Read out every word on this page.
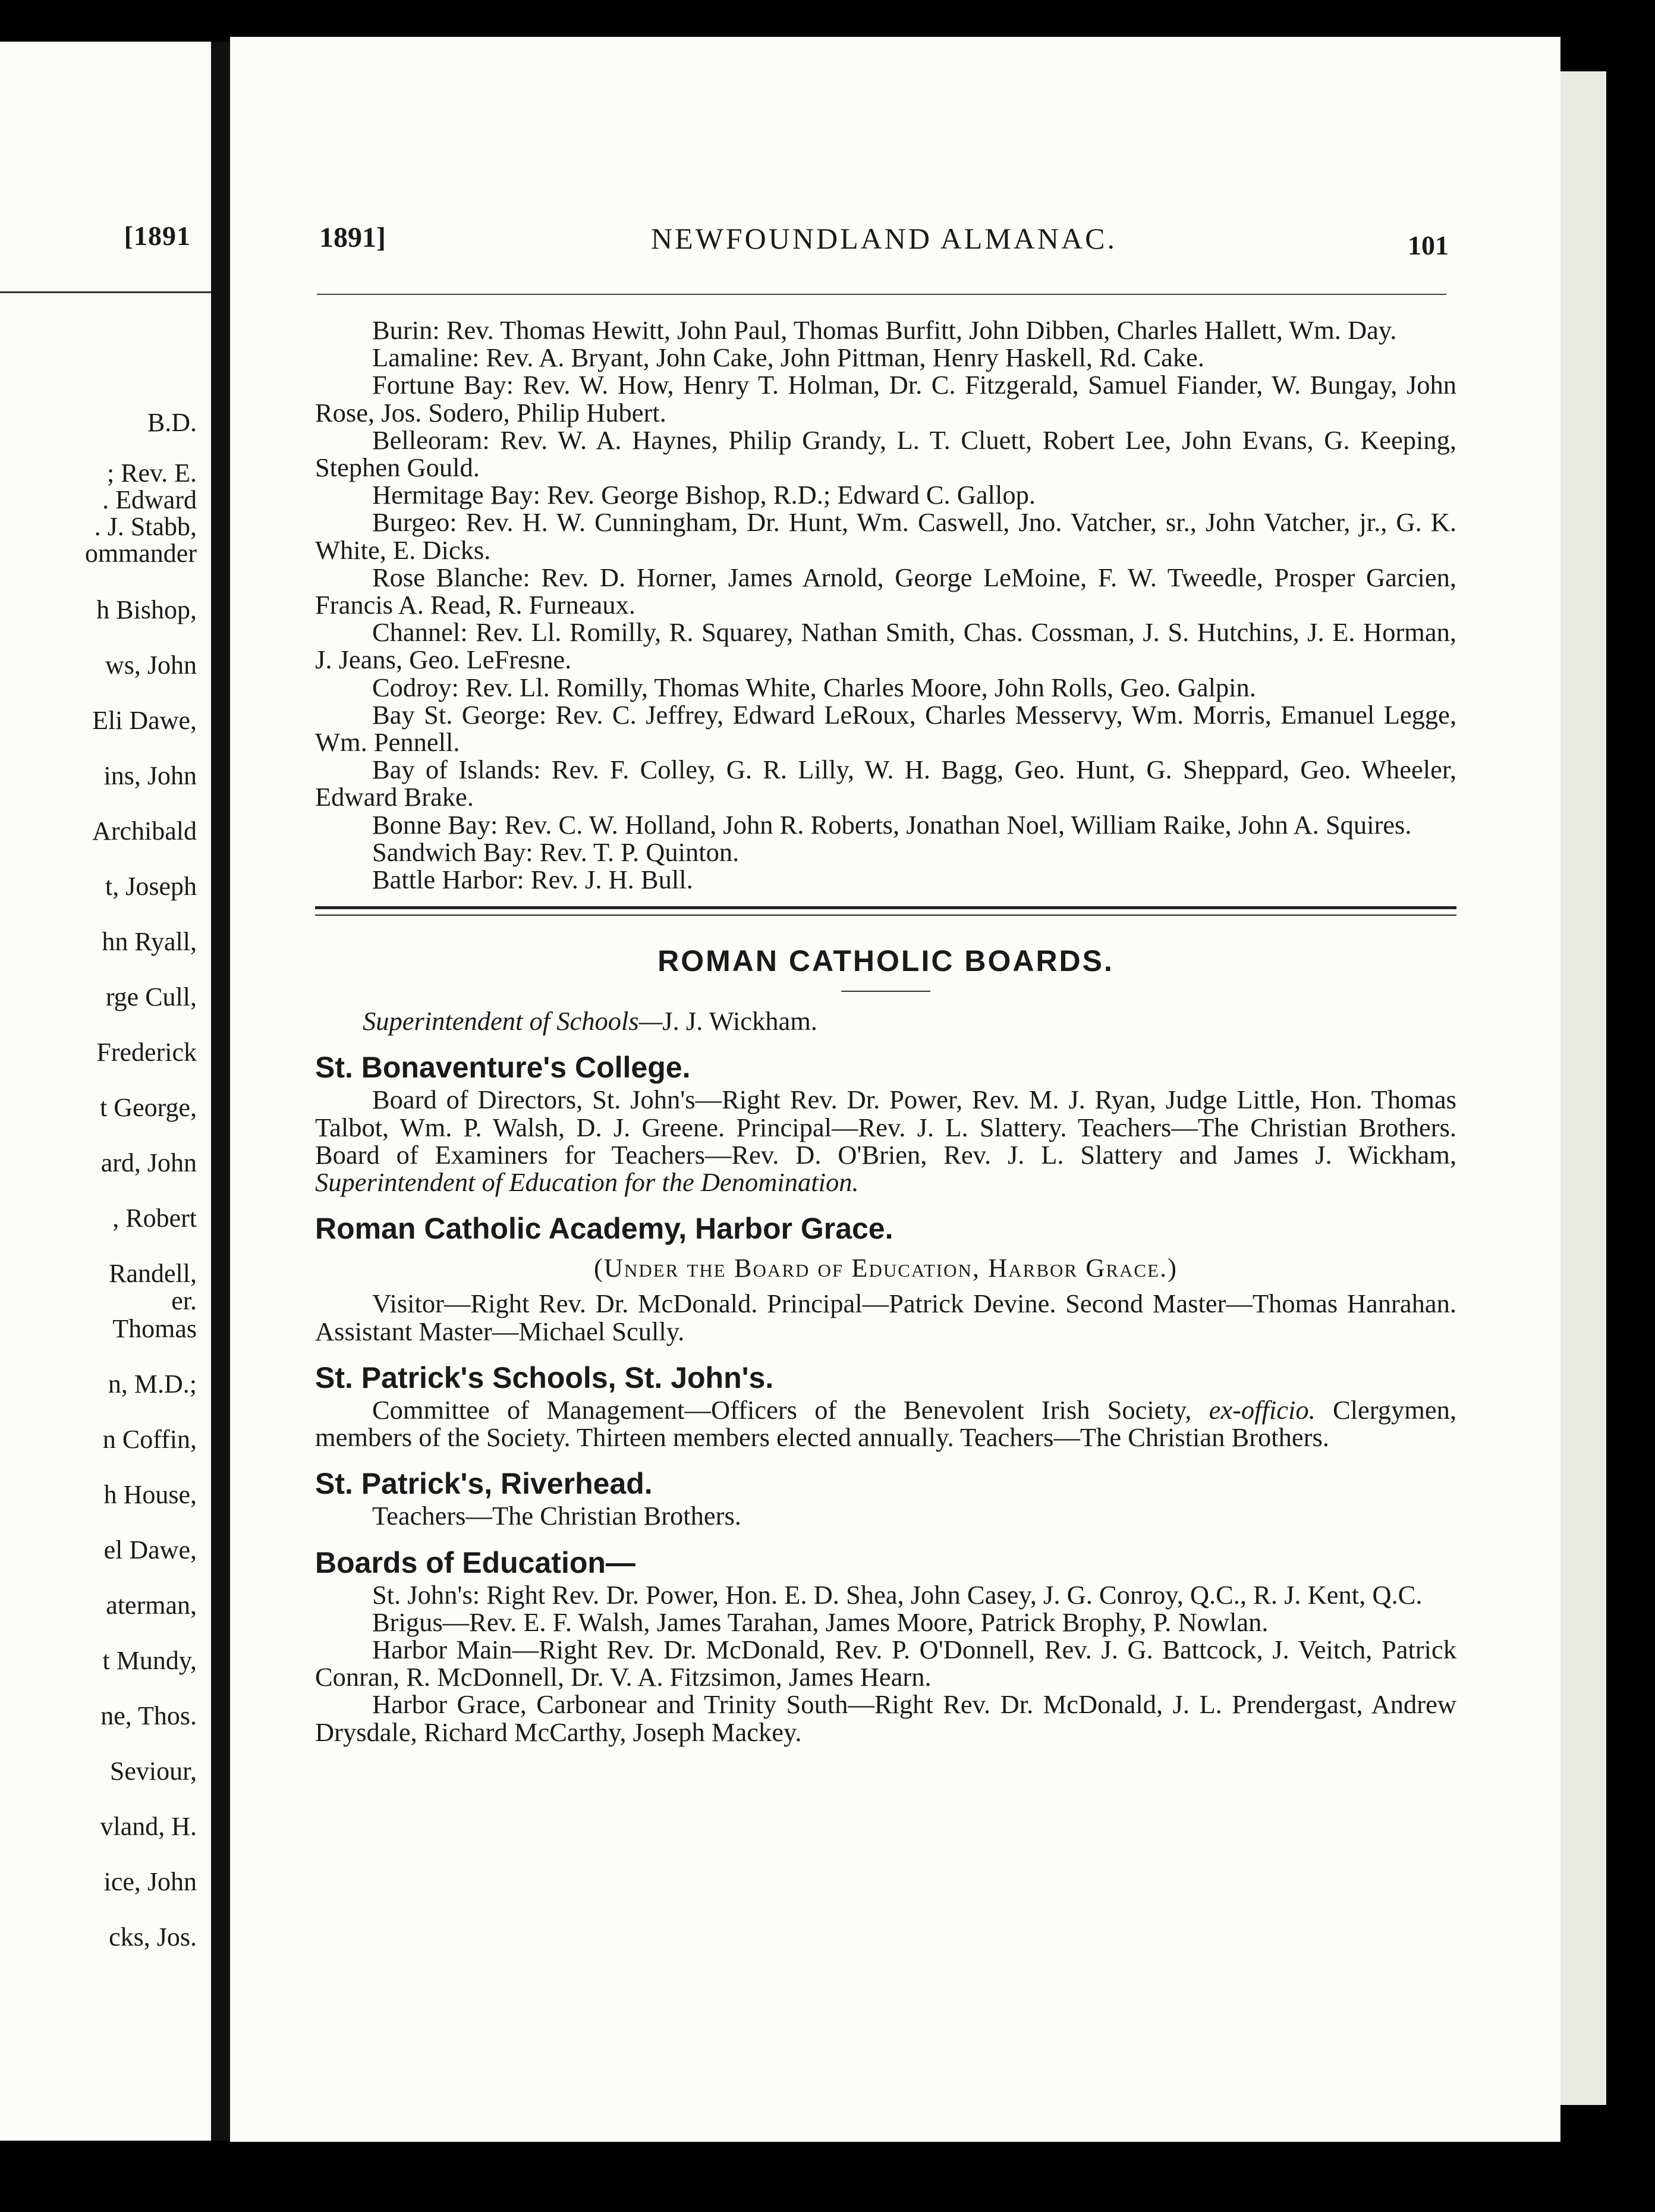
[1891
B.D.
; Rev. E.
. Edward
. J. Stabb,
ommander
h Bishop,
ws, John
Eli Dawe,
ins, John
Archibald
t, Joseph
hn Ryall,
rge Cull,
Frederick
t George,
ard, John
, Robert
Randell,
er.
Thomas
n, M.D.;
n Coffin,
h House,
el Dawe,
aterman,
t Mundy,
ne, Thos.
Seviour,
vland, H.
ice, John
cks, Jos.
1891]	NEWFOUNDLAND ALMANAC.	101

Burin: Rev. Thomas Hewitt, John Paul, Thomas Burfitt, John Dibben, Charles Hallett, Wm. Day.

Lamaline: Rev. A. Bryant, John Cake, John Pittman, Henry Haskell, Rd. Cake.

Fortune Bay: Rev. W. How, Henry T. Holman, Dr. C. Fitzgerald, Samuel Fiander, W. Bungay, John Rose, Jos. Sodero, Philip Hubert.

Belleoram: Rev. W. A. Haynes, Philip Grandy, L. T. Cluett, Robert Lee, John Evans, G. Keeping, Stephen Gould.

Hermitage Bay: Rev. George Bishop, R.D.; Edward C. Gallop.

Burgeo: Rev. H. W. Cunningham, Dr. Hunt, Wm. Caswell, Jno. Vatcher, sr., John Vatcher, jr., G. K. White, E. Dicks.

Rose Blanche: Rev. D. Horner, James Arnold, George LeMoine, F. W. Tweedle, Prosper Garcien, Francis A. Read, R. Furneaux.

Channel: Rev. Ll. Romilly, R. Squarey, Nathan Smith, Chas. Cossman, J. S. Hutchins, J. E. Horman, J. Jeans, Geo. LeFresne.

Codroy: Rev. Ll. Romilly, Thomas White, Charles Moore, John Rolls, Geo. Galpin.

Bay St. George: Rev. C. Jeffrey, Edward LeRoux, Charles Messervy, Wm. Morris, Emanuel Legge, Wm. Pennell.

Bay of Islands: Rev. F. Colley, G. R. Lilly, W. H. Bagg, Geo. Hunt, G. Sheppard, Geo. Wheeler, Edward Brake.

Bonne Bay: Rev. C. W. Holland, John R. Roberts, Jonathan Noel, William Raike, John A. Squires.

Sandwich Bay: Rev. T. P. Quinton.

Battle Harbor: Rev. J. H. Bull.

ROMAN CATHOLIC BOARDS.

Superintendent of Schools—J. J. Wickham.

St. Bonaventure's College.

Board of Directors, St. John's—Right Rev. Dr. Power, Rev. M. J. Ryan, Judge Little, Hon. Thomas Talbot, Wm. P. Walsh, D. J. Greene. Principal—Rev. J. L. Slattery. Teachers—The Christian Brothers. Board of Examiners for Teachers—Rev. D. O'Brien, Rev. J. L. Slattery and James J. Wickham, Superintendent of Education for the Denomination.

Roman Catholic Academy, Harbor Grace.
(Under the Board of Education, Harbor Grace.)

Visitor—Right Rev. Dr. McDonald. Principal—Patrick Devine. Second Master—Thomas Hanrahan. Assistant Master—Michael Scully.

St. Patrick's Schools, St. John's.

Committee of Management—Officers of the Benevolent Irish Society, ex-officio. Clergymen, members of the Society. Thirteen members elected annually. Teachers—The Christian Brothers.

St. Patrick's, Riverhead.

Teachers—The Christian Brothers.

Boards of Education—

St. John's: Right Rev. Dr. Power, Hon. E. D. Shea, John Casey, J. G. Conroy, Q.C., R. J. Kent, Q.C.

Brigus—Rev. E. F. Walsh, James Tarahan, James Moore, Patrick Brophy, P. Nowlan.

Harbor Main—Right Rev. Dr. McDonald, Rev. P. O'Donnell, Rev. J. G. Battcock, J. Veitch, Patrick Conran, R. McDonnell, Dr. V. A. Fitzsimon, James Hearn.

Harbor Grace, Carbonear and Trinity South—Right Rev. Dr. McDonald, J. L. Prendergast, Andrew Drysdale, Richard McCarthy, Joseph Mackey.
